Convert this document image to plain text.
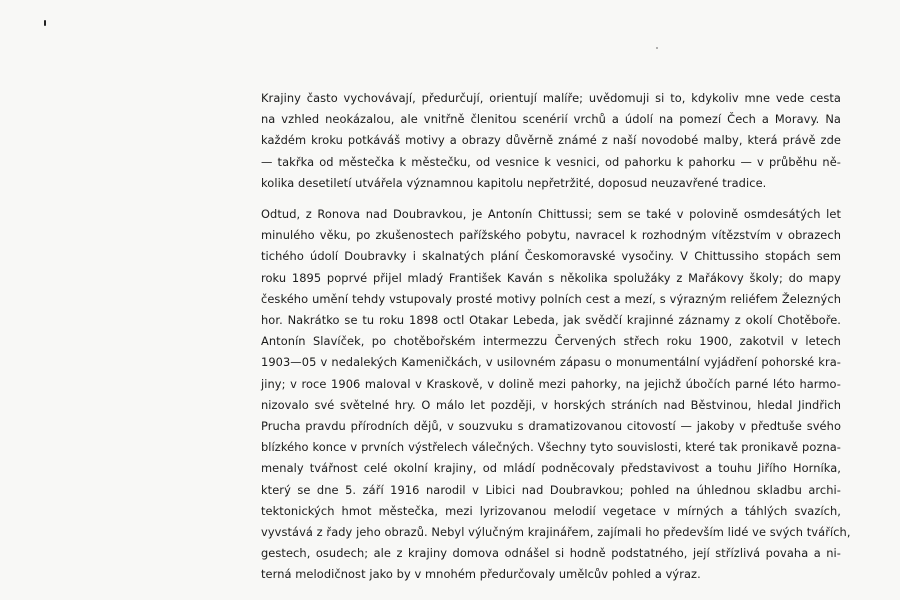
Krajiny často vychovávají, předurčují, orientují malíře; uvědomuji si to, kdykoliv mne vede cesta
na vzhled neokázalou, ale vnitřně členitou scenérií vrchů a údolí na pomezí Čech a Moravy. Na
každém kroku potkáváš motivy a obrazy důvěrně známé z naší novodobé malby, která právě zde
— takřka od městečka k městečku, od vesnice k vesnici, od pahorku k pahorku — v průběhu ně-
kolika desetiletí utvářela významnou kapitolu nepřetržité, doposud neuzavřené tradice.

Odtud, z Ronova nad Doubravkou, je Antonín Chittussi; sem se také v polovině osmdesátých let
minulého věku, po zkušenostech pařížského pobytu, navracel k rozhodným vítězstvím v obrazech
tichého údolí Doubravky i skalnatých plání Českomoravské vysočiny. V Chittussiho stopách sem
roku 1895 poprvé přijel mladý František Kaván s několika spolužáky z Mařákovy školy; do mapy
českého umění tehdy vstupovaly prosté motivy polních cest a mezí, s výrazným reliéfem Železných
hor. Nakrátko se tu roku 1898 octl Otakar Lebeda, jak svědčí krajinné záznamy z okolí Chotěboře.
Antonín Slavíček, po chotěbořském intermezzu Červených střech roku 1900, zakotvil v letech
1903—05 v nedalekých Kameničkách, v usilovném zápasu o monumentální vyjádření pohorské kra-
jiny; v roce 1906 maloval v Kraskově, v dolině mezi pahorky, na jejichž úbočích parné léto harmo-
nizovalo své světelné hry. O málo let později, v horských stráních nad Běstvinou, hledal Jindřich
Prucha pravdu přírodních dějů, v souzvuku s dramatizovanou citovostí — jakoby v předtuše svého
blízkého konce v prvních výstřelech válečných. Všechny tyto souvislosti, které tak pronikavě pozna-
menaly tvářnost celé okolní krajiny, od mládí podněcovaly představivost a touhu Jiřího Horníka,
který se dne 5. září 1916 narodil v Libici nad Doubravkou; pohled na úhlednou skladbu archi-
tektonických hmot městečka, mezi lyrizovanou melodií vegetace v mírných a táhlých svazích,
vyvstává z řady jeho obrazů. Nebyl výlučným krajinářem, zajímali ho především lidé ve svých tvářích,
gestech, osudech; ale z krajiny domova odnášel si hodně podstatného, její střízlivá povaha a ni-
terná melodičnost jako by v mnohém předurčovaly umělcův pohled a výraz.
